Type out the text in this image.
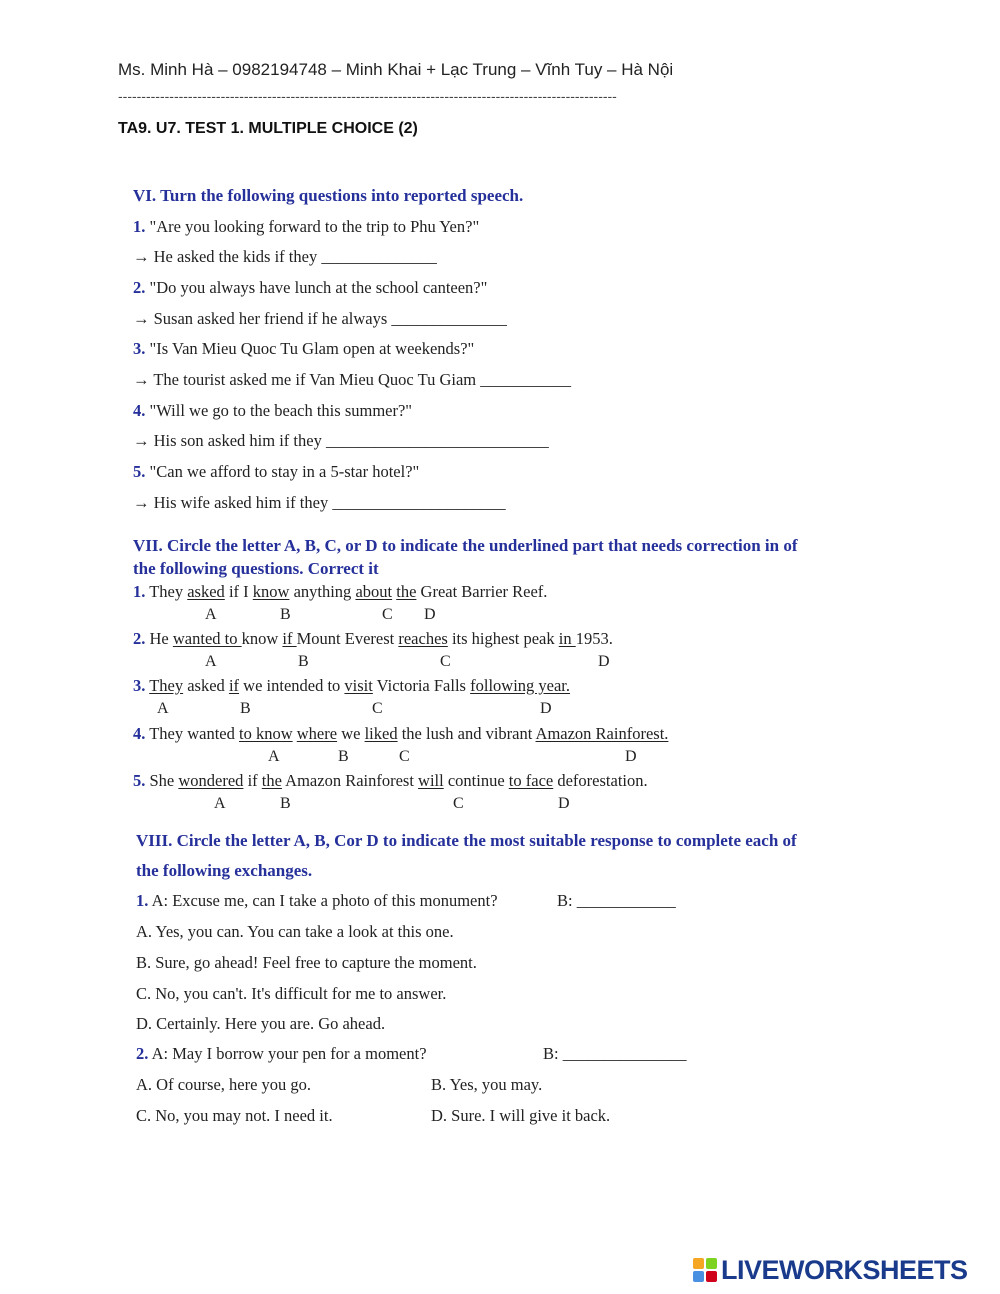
Ms. Minh Hà – 0982194748 – Minh Khai + Lạc Trung – Vĩnh Tuy – Hà Nội
-----------------------------------------------------------------------------------------------------------
TA9. U7. TEST 1. MULTIPLE CHOICE (2)
VI. Turn the following questions into reported speech.
1. "Are you looking forward to the trip to Phu Yen?"
→ He asked the kids if they ______________
2. "Do you always have lunch at the school canteen?"
→ Susan asked her friend if he always ______________
3. "Is Van Mieu Quoc Tu Glam open at weekends?"
→ The tourist asked me if Van Mieu Quoc Tu Giam ___________
4. "Will we go to the beach this summer?"
→ His son asked him if they ___________________________
5. "Can we afford to stay in a 5-star hotel?"
→ His wife asked him if they _____________________
VII. Circle the letter A, B, C, or D to indicate the underlined part that needs correction in of
the following questions. Correct it
1. They asked if I know anything about the Great Barrier Reef.
A	B	C D
2. He wanted to know if Mount Everest reaches its highest peak in 1953.
A	B	C	D
3. They asked if we intended to visit Victoria Falls following year.
A	B	C	D
4. They wanted to know where we liked the lush and vibrant Amazon Rainforest.
A	B	C	D
5. She wondered if the Amazon Rainforest will continue to face deforestation.
A	B	C	D
VIII. Circle the letter A, B, Cor D to indicate the most suitable response to complete each of
the following exchanges.
1. A: Excuse me, can I take a photo of this monument?	B: ____________
A. Yes, you can. You can take a look at this one.
B. Sure, go ahead! Feel free to capture the moment.
C. No, you can't. It's difficult for me to answer.
D. Certainly. Here you are. Go ahead.
2. A: May I borrow your pen for a moment?	B: _______________
A. Of course, here you go.	B. Yes, you may.
C. No, you may not. I need it.	D. Sure. I will give it back.
LIVEWORKSHEETS
